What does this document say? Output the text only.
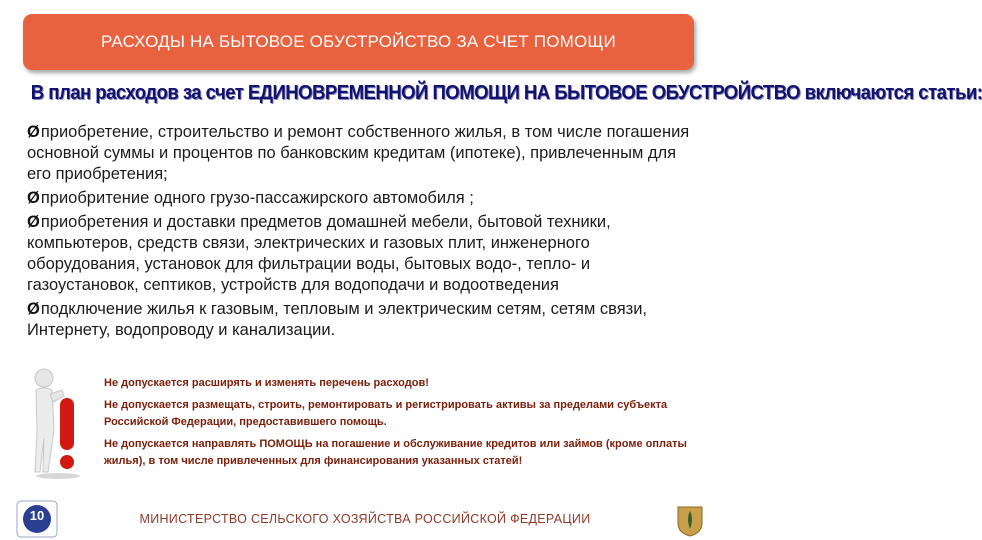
РАСХОДЫ НА БЫТОВОЕ ОБУСТРОЙСТВО ЗА СЧЕТ ПОМОЩИ
В план расходов за счет ЕДИНОВРЕМЕННОЙ ПОМОЩИ НА БЫТОВОЕ ОБУСТРОЙСТВО включаются статьи:
Øприобретение, строительство и ремонт собственного жилья, в том числе погашения основной суммы и процентов по банковским кредитам (ипотеке), привлеченным для его приобретения;
Øприобритение одного грузо-пассажирского автомобиля ;
Øприобретения и доставки предметов домашней мебели, бытовой техники, компьютеров, средств связи, электрических и газовых плит, инженерного оборудования, установок для фильтрации воды, бытовых водо-, тепло- и газоустановок, септиков, устройств для водоподачи и водоотведения
Øподключение жилья к газовым, тепловым и электрическим сетям, сетям связи, Интернету, водопроводу и канализации.
Не допускается расширять и изменять перечень расходов!
Не допускается размещать, строить, ремонтировать и регистрировать активы за пределами субъекта Российской Федерации, предоставившего помощь.
Не допускается направлять ПОМОЩЬ на погашение и обслуживание кредитов или займов (кроме оплаты жилья), в том числе привлеченных для финансирования указанных статей!
10	МИНИСТЕРСТВО СЕЛЬСКОГО ХОЗЯЙСТВА РОССИЙСКОЙ ФЕДЕРАЦИИ
